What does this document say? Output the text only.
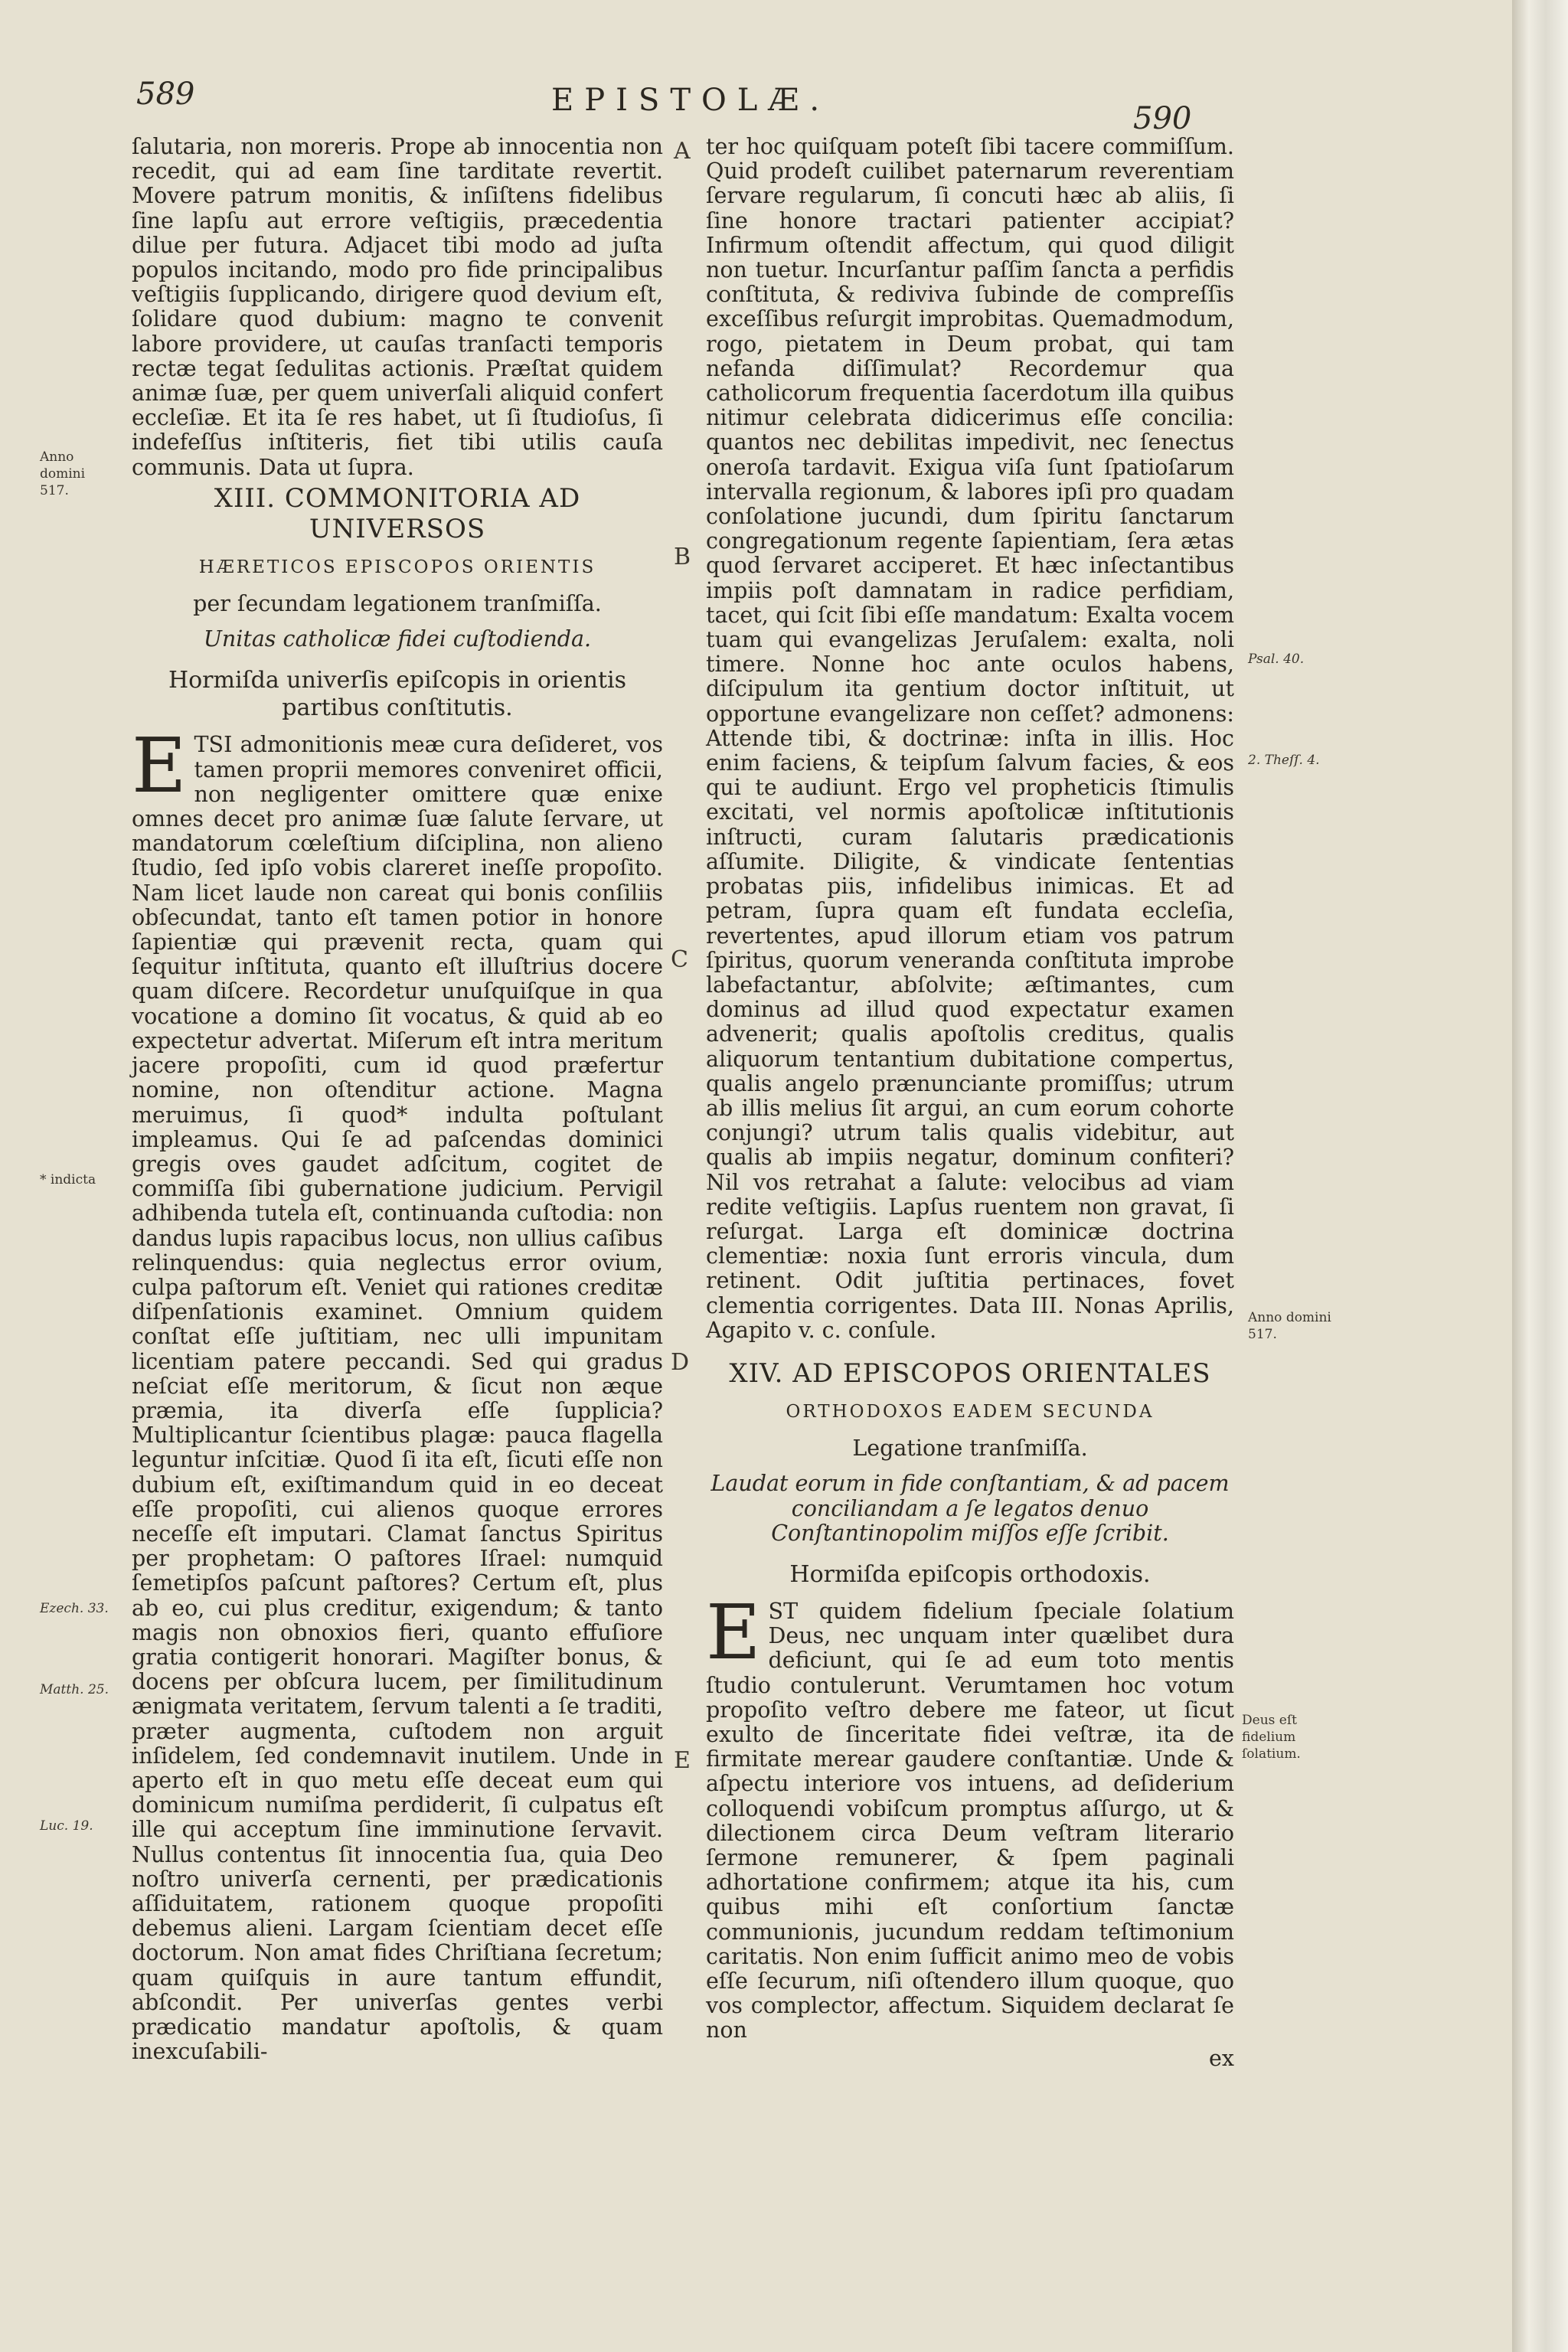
589	EPISTOLÆ.
590

ſalutaria, non moreris. Prope ab innocentia non recedit, qui ad eam ſine tarditate revertit. Movere patrum monitis, & inſiſtens fidelibus ſine lapſu aut errore veſtigiis, præcedentia dilue per futura. Adjacet tibi modo ad juſta populos incitando, modo pro fide principalibus veſtigiis ſupplicando, dirigere quod devium eſt, ſolidare quod dubium: magno te convenit labore providere, ut cauſas tranſacti temporis rectæ tegat ſedulitas actionis. Præſtat quidem animæ ſuæ, per quem univerſali aliquid confert eccleſiæ. Et ita ſe res habet, ut ſi ſtudioſus, ſi indefeſſus inſtiteris, fiet tibi utilis cauſa communis. Data ut ſupra.

XIII. COMMONITORIA AD UNIVERSOS

HÆRETICOS EPISCOPOS ORIENTIS

per ſecundam legationem tranſmiſſa.

Unitas catholicæ fidei cuſtodienda.

Hormiſda univerſis epiſcopis in orientis partibus conſtitutis.

ETSI admonitionis meæ cura deſideret, vos tamen proprii memores conveniret officii, non negligenter omittere quæ enixe omnes decet pro animæ ſuæ ſalute ſervare, ut mandatorum cœleſtium diſciplina, non alieno ſtudio, ſed ipſo vobis clareret ineſſe propoſito. Nam licet laude non careat qui bonis conſiliis obſecundat, tanto eſt tamen potior in honore ſapientiæ qui prævenit recta, quam qui ſequitur inſtituta, quanto eſt illuſtrius docere quam diſcere. Recordetur unuſquiſque in qua vocatione a domino ſit vocatus, & quid ab eo expectetur advertat. Miſerum eſt intra meritum jacere propoſiti, cum id quod præfertur nomine, non oſtenditur actione. Magna meruimus, ſi quod* indulta poſtulant impleamus. Qui ſe ad paſcendas dominici gregis oves gaudet adſcitum, cogitet de commiſſa ſibi gubernatione judicium. Pervigil adhibenda tutela eſt, continuanda cuſtodia: non dandus lupis rapacibus locus, non ullius caſibus relinquendus: quia neglectus error ovium, culpa paſtorum eſt. Veniet qui rationes creditæ diſpenſationis examinet. Omnium quidem conſtat eſſe juſtitiam, nec ulli impunitam licentiam patere peccandi. Sed qui gradus neſciat eſſe meritorum, & ſicut non æque præmia, ita diverſa eſſe ſupplicia? Multiplicantur ſcientibus plagæ: pauca flagella leguntur inſcitiæ. Quod ſi ita eſt, ſicuti eſſe non dubium eſt, exiſtimandum quid in eo deceat eſſe propoſiti, cui alienos quoque errores neceſſe eſt imputari. Clamat ſanctus Spiritus per prophetam: O paſtores Iſrael: numquid ſemetipſos paſcunt paſtores? Certum eſt, plus ab eo, cui plus creditur, exigendum; & tanto magis non obnoxios fieri, quanto effuſiore gratia contigerit honorari. Magiſter bonus, & docens per obſcura lucem, per ſimilitudinum ænigmata veritatem, ſervum talenti a ſe traditi, præter augmenta, cuſtodem non arguit inſidelem, ſed condemnavit inutilem. Unde in aperto eſt in quo metu eſſe deceat eum qui dominicum numiſma perdiderit, ſi culpatus eſt ille qui acceptum ſine imminutione ſervavit. Nullus contentus ſit innocentia ſua, quia Deo noſtro univerſa cernenti, per prædicationis aſſiduitatem, rationem quoque propoſiti debemus alieni. Largam ſcientiam decet eſſe doctorum. Non amat fides Chriſtiana ſecretum; quam quiſquis in aure tantum effundit, abſcondit. Per univerſas gentes verbi prædicatio mandatur apoſtolis, & quam inexcuſabili-

ter hoc quiſquam poteſt ſibi tacere commiſſum. Quid prodeſt cuilibet paternarum reverentiam ſervare regularum, ſi concuti hæc ab aliis, ſi ſine honore tractari patienter accipiat? Infirmum oſtendit affectum, qui quod diligit non tuetur. Incurſantur paſſim ſancta a perfidis conſtituta, & rediviva ſubinde de compreſſis exceſſibus reſurgit improbitas. Quemadmodum, rogo, pietatem in Deum probat, qui tam nefanda diſſimulat? Recordemur qua catholicorum frequentia ſacerdotum illa quibus nitimur celebrata didicerimus eſſe concilia: quantos nec debilitas impedivit, nec ſenectus oneroſa tardavit. Exigua viſa ſunt ſpatioſarum intervalla regionum, & labores ipſi pro quadam conſolatione jucundi, dum ſpiritu ſanctarum congregationum regente ſapientiam, ſera ætas quod ſervaret acciperet. Et hæc inſectantibus impiis poſt damnatam in radice perfidiam, tacet, qui ſcit ſibi eſſe mandatum: Exalta vocem tuam qui evangelizas Jeruſalem: exalta, noli timere. Nonne hoc ante oculos habens, diſcipulum ita gentium doctor inſtituit, ut opportune evangelizare non ceſſet? admonens: Attende tibi, & doctrinæ: inſta in illis. Hoc enim faciens, & teipſum ſalvum facies, & eos qui te audiunt. Ergo vel propheticis ſtimulis excitati, vel normis apoſtolicæ inſtitutionis inſtructi, curam ſalutaris prædicationis aſſumite. Diligite, & vindicate ſententias probatas piis, infidelibus inimicas. Et ad petram, ſupra quam eſt fundata eccleſia, revertentes, apud illorum etiam vos patrum ſpiritus, quorum veneranda conſtituta improbe labefactantur, abſolvite; æſtimantes, cum dominus ad illud quod expectatur examen advenerit; qualis apoſtolis creditus, qualis aliquorum tentantium dubitatione compertus, qualis angelo prænunciante promiſſus; utrum ab illis melius ſit argui, an cum eorum cohorte conjungi? utrum talis qualis videbitur, aut qualis ab impiis negatur, dominum confiteri? Nil vos retrahat a ſalute: velocibus ad viam redite veſtigiis. Lapſus ruentem non gravat, ſi reſurgat. Larga eſt dominicæ doctrina clementiæ: noxia ſunt erroris vincula, dum retinent. Odit juſtitia pertinaces, fovet clementia corrigentes. Data III. Nonas Aprilis, Agapito v. c. conſule.

XIV. AD EPISCOPOS ORIENTALES

ORTHODOXOS EADEM SECUNDA

Legatione tranſmiſſa.

Laudat eorum in fide conſtantiam, & ad pacem conciliandam a ſe legatos denuo Conſtantinopolim miſſos eſſe ſcribit.

Hormiſda epiſcopis orthodoxis.

EST quidem fidelium ſpeciale ſolatium Deus, nec unquam inter quælibet dura deficiunt, qui ſe ad eum toto mentis ſtudio contulerunt. Verumtamen hoc votum propoſito veſtro debere me fateor, ut ſicut exulto de ſinceritate fidei veſtræ, ita de firmitate merear gaudere conſtantiæ. Unde & aſpectu interiore vos intuens, ad deſiderium colloquendi vobiſcum promptus aſſurgo, ut & dilectionem circa Deum veſtram literario ſermone remunerer, & ſpem paginali adhortatione confirmem; atque ita his, cum quibus mihi eſt conſortium ſanctæ communionis, jucundum reddam teſtimonium caritatis. Non enim ſufficit animo meo de vobis eſſe ſecurum, niſi oſtendero illum quoque, quo vos complector, affectum. Siquidem declarat ſe non

ex

A
B
C
D
E
Anno domini 517.
* indicta
Ezech. 33.
Matth. 25.
Luc. 19.
Psal. 40.
2. Theſſ. 4.
Anno domini 517.
Deus eſt fidelium ſolatium.
